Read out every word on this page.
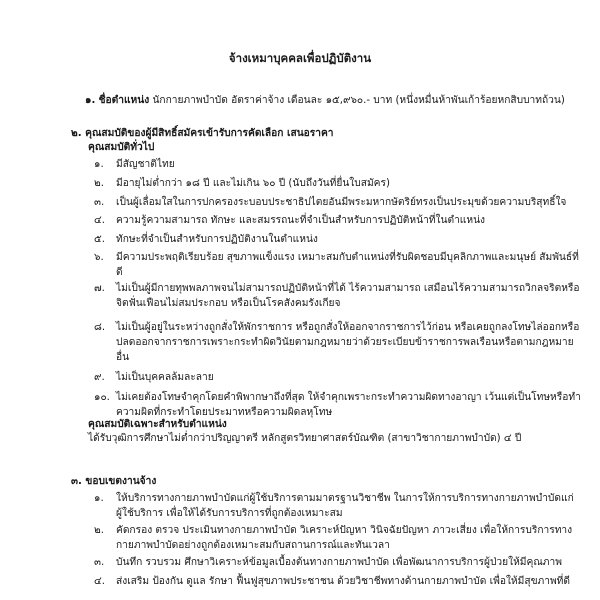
จ้างเหมาบุคคลเพื่อปฏิบัติงาน
๑. ชื่อตำแหน่ง นักกายภาพบำบัด อัตราค่าจ้าง เดือนละ ๑๕,๙๖๐.- บาท (หนึ่งหมื่นห้าพันเก้าร้อยหกสิบบาทถ้วน)
๒. คุณสมบัติของผู้มีสิทธิ์สมัครเข้ารับการคัดเลือก เสนอราคา
คุณสมบัติทั่วไป
๑. มีสัญชาติไทย
๒. มีอายุไม่ต่ำกว่า ๑๘ ปี และไม่เกิน ๖๐ ปี (นับถึงวันที่ยื่นใบสมัคร)
๓. เป็นผู้เลื่อมใสในการปกครองระบอบประชาธิปไตยอันมีพระมหากษัตริย์ทรงเป็นประมุขด้วยความบริสุทธิ์ใจ
๔. ความรู้ความสามารถ ทักษะ และสมรรถนะที่จำเป็นสำหรับการปฏิบัติหน้าที่ในตำแหน่ง
๕. ทักษะที่จำเป็นสำหรับการปฏิบัติงานในตำแหน่ง
๖. มีความประพฤติเรียบร้อย สุขภาพแข็งแรง เหมาะสมกับตำแหน่งที่รับผิดชอบมีบุคลิกภาพและมนุษย์ สัมพันธ์ที่
ดี
๗. ไม่เป็นผู้มีกายทุพพลภาพจนไม่สามารถปฏิบัติหน้าที่ได้ ไร้ความสามารถ เสมือนไร้ความสามารถวิกลจริตหรือ
จิตฟั่นเฟือนไม่สมประกอบ หรือเป็นโรคสังคมรังเกียจ
๘. ไม่เป็นผู้อยู่ในระหว่างถูกสั่งให้พักราชการ หรือถูกสั่งให้ออกจากราชการไว้ก่อน หรือเคยถูกลงโทษไล่ออกหรือ
ปลดออกจากราชการเพราะกระทำผิดวินัยตามกฎหมายว่าด้วยระเบียบข้าราชการพลเรือนหรือตามกฎหมาย
อื่น
๙. ไม่เป็นบุคคลล้มละลาย
๑๐. ไม่เคยต้องโทษจำคุกโดยคำพิพากษาถึงที่สุด ให้จำคุกเพราะกระทำความผิดทางอาญา เว้นแต่เป็นโทษหรือทำ
ความผิดที่กระทำโดยประมาทหรือความผิดลหุโทษ
คุณสมบัติเฉพาะสำหรับตำแหน่ง
ได้รับวุฒิการศึกษาไม่ต่ำกว่าปริญญาตรี หลักสูตรวิทยาศาสตร์บัณฑิต (สาขาวิชากายภาพบำบัด) ๔ ปี
๓. ขอบเขตงานจ้าง
๑. ให้บริการทางกายภาพบำบัดแก่ผู้ใช้บริการตามมาตรฐานวิชาชีพ ในการให้การบริการทางกายภาพบำบัดแก่
ผู้ใช้บริการ เพื่อให้ได้รับการบริการที่ถูกต้องเหมาะสม
๒. คัดกรอง ตรวจ ประเมินทางกายภาพบำบัด วิเคราะห์ปัญหา วินิจฉัยปัญหา ภาวะเสี่ยง เพื่อให้การบริการทาง
กายภาพบำบัดอย่างถูกต้องเหมาะสมกับสถานการณ์และทันเวลา
๓. บันทึก รวบรวม ศึกษาวิเคราะห์ข้อมูลเบื้องต้นทางกายภาพบำบัด เพื่อพัฒนาการบริการผู้ป่วยให้มีคุณภาพ
๔. ส่งเสริม ป้องกัน ดูแล รักษา ฟื้นฟูสุขภาพประชาชน ด้วยวิชาชีพทางด้านกายภาพบำบัด เพื่อให้มีสุขภาพที่ดี
